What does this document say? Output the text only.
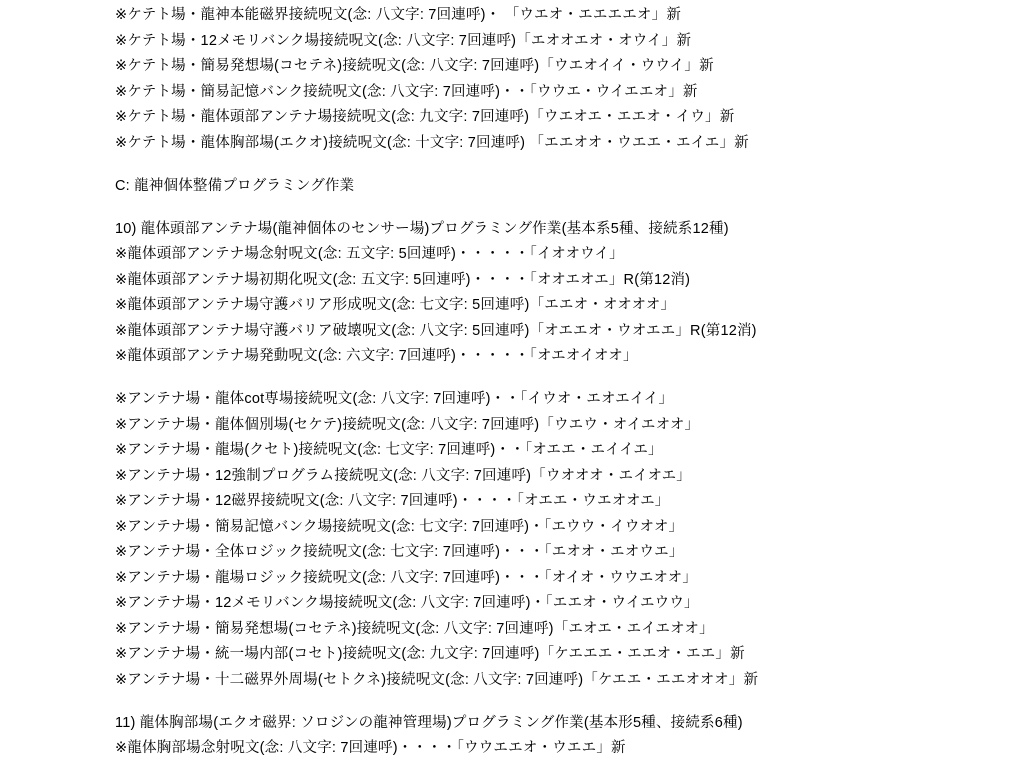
※ケテト場・龍神本能磁界接続呪文(念: 八文字: 7回連呼)・ 「ウエオ・エエエエオ」新
※ケテト場・12メモリバンク場接続呪文(念: 八文字: 7回連呼)「エオオエオ・オウイ」新
※ケテト場・簡易発想場(コセテネ)接続呪文(念: 八文字: 7回連呼)「ウエオイイ・ウウイ」新
※ケテト場・簡易記憶バンク接続呪文(念: 八文字: 7回連呼)・・「ウウエ・ウイエエオ」新
※ケテト場・龍体頭部アンテナ場接続呪文(念: 九文字: 7回連呼)「ウエオエ・エエオ・イウ」新
※ケテト場・龍体胸部場(エクオ)接続呪文(念: 十文字: 7回連呼) 「エエオオ・ウエエ・エイエ」新
C: 龍神個体整備プログラミング作業
10) 龍体頭部アンテナ場(龍神個体のセンサー場)プログラミング作業(基本系5種、接続系12種)
※龍体頭部アンテナ場念射呪文(念: 五文字: 5回連呼)・・・・・「イオオウイ」
※龍体頭部アンテナ場初期化呪文(念: 五文字: 5回連呼)・・・・「オオエオエ」R(第12消)
※龍体頭部アンテナ場守護バリア形成呪文(念: 七文字: 5回連呼)「エエオ・オオオオ」
※龍体頭部アンテナ場守護バリア破壊呪文(念: 八文字: 5回連呼)「オエエオ・ウオエエ」R(第12消)
※龍体頭部アンテナ場発動呪文(念: 六文字: 7回連呼)・・・・・「オエオイオオ」
※アンテナ場・龍体cot専場接続呪文(念: 八文字: 7回連呼)・・「イウオ・エオエイイ」
※アンテナ場・龍体個別場(セケテ)接続呪文(念: 八文字: 7回連呼)「ウエウ・オイエオオ」
※アンテナ場・龍場(クセト)接続呪文(念: 七文字: 7回連呼)・・「オエエ・エイイエ」
※アンテナ場・12強制プログラム接続呪文(念: 八文字: 7回連呼)「ウオオオ・エイオエ」
※アンテナ場・12磁界接続呪文(念: 八文字: 7回連呼)・・・・「オエエ・ウエオオエ」
※アンテナ場・簡易記憶バンク場接続呪文(念: 七文字: 7回連呼)・「エウウ・イウオオ」
※アンテナ場・全体ロジック接続呪文(念: 七文字: 7回連呼)・・・「エオオ・エオウエ」
※アンテナ場・龍場ロジック接続呪文(念: 八文字: 7回連呼)・・・「オイオ・ウウエオオ」
※アンテナ場・12メモリバンク場接続呪文(念: 八文字: 7回連呼)・「エエオ・ウイエウウ」
※アンテナ場・簡易発想場(コセテネ)接続呪文(念: 八文字: 7回連呼)「エオエ・エイエオオ」
※アンテナ場・統一場内部(コセト)接続呪文(念: 九文字: 7回連呼)「ケエエエ・エエオ・エエ」新
※アンテナ場・十二磁界外周場(セトクネ)接続呪文(念: 八文字: 7回連呼)「ケエエ・エエオオオ」新
11) 龍体胸部場(エクオ磁界: ソロジンの龍神管理場)プログラミング作業(基本形5種、接続系6種)
※龍体胸部場念射呪文(念: 八文字: 7回連呼)・・・・「ウウエエオ・ウエエ」新
